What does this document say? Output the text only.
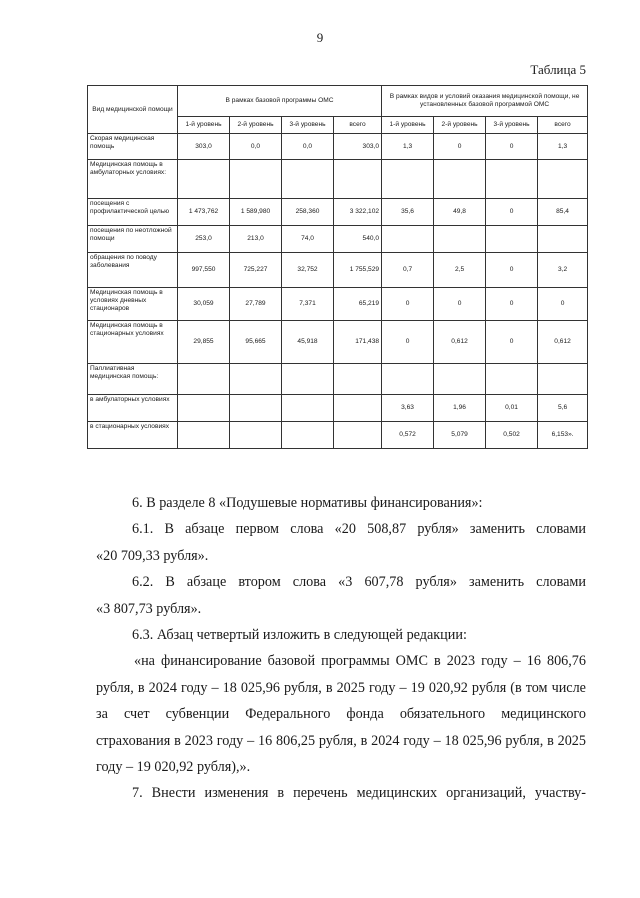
9
Таблица 5
Вид медицинской помощи	В рамках базовой программы ОМС				В рамках видов и условий оказания медицинской помощи, не установленных базовой программой ОМС			
	1-й уровень	2-й уровень	3-й уровень	всего	1-й уровень	2-й уровень	3-й уровень	всего
Скорая медицинская помощь	303,0	0,0	0,0	303,0	1,3	0	0	1,3
Медицинская помощь в амбулаторных условиях:								
посещения с профилактической целью	1 473,762	1 589,980	258,360	3 322,102	35,6	49,8	0	85,4
посещения по неотложной помощи	253,0	213,0	74,0	540,0				
обращения по поводу заболевания	997,550	725,227	32,752	1 755,529	0,7	2,5	0	3,2
Медицинская помощь в условиях дневных стационаров	30,059	27,789	7,371	65,219	0	0	0	0
Медицинская помощь в стационарных условиях	29,855	95,665	45,918	171,438	0	0,612	0	0,612
Паллиативная медицинская помощь:								
в амбулаторных условиях					3,63	1,96	0,01	5,6
в стационарных условиях					0,572	5,079	0,502	6,153».

6. В разделе 8 «Подушевые нормативы финансирования»:

6.1. В абзаце первом слова «20 508,87 рубля» заменить словами

«20 709,33 рубля».

6.2. В абзаце втором слова «3 607,78 рубля» заменить словами

«3 807,73 рубля».

6.3. Абзац четвертый изложить в следующей редакции:

«на финансирование базовой программы ОМС в 2023 году – 16 806,76 рубля, в 2024 году – 18 025,96 рубля, в 2025 году – 19 020,92 рубля (в том числе за счет субвенции Федерального фонда обязательного медицинского страхования в 2023 году – 16 806,25 рубля, в 2024 году – 18 025,96 рубля, в 2025 году – 19 020,92 рубля),».

7. Внести изменения в перечень медицинских организаций, участву-
